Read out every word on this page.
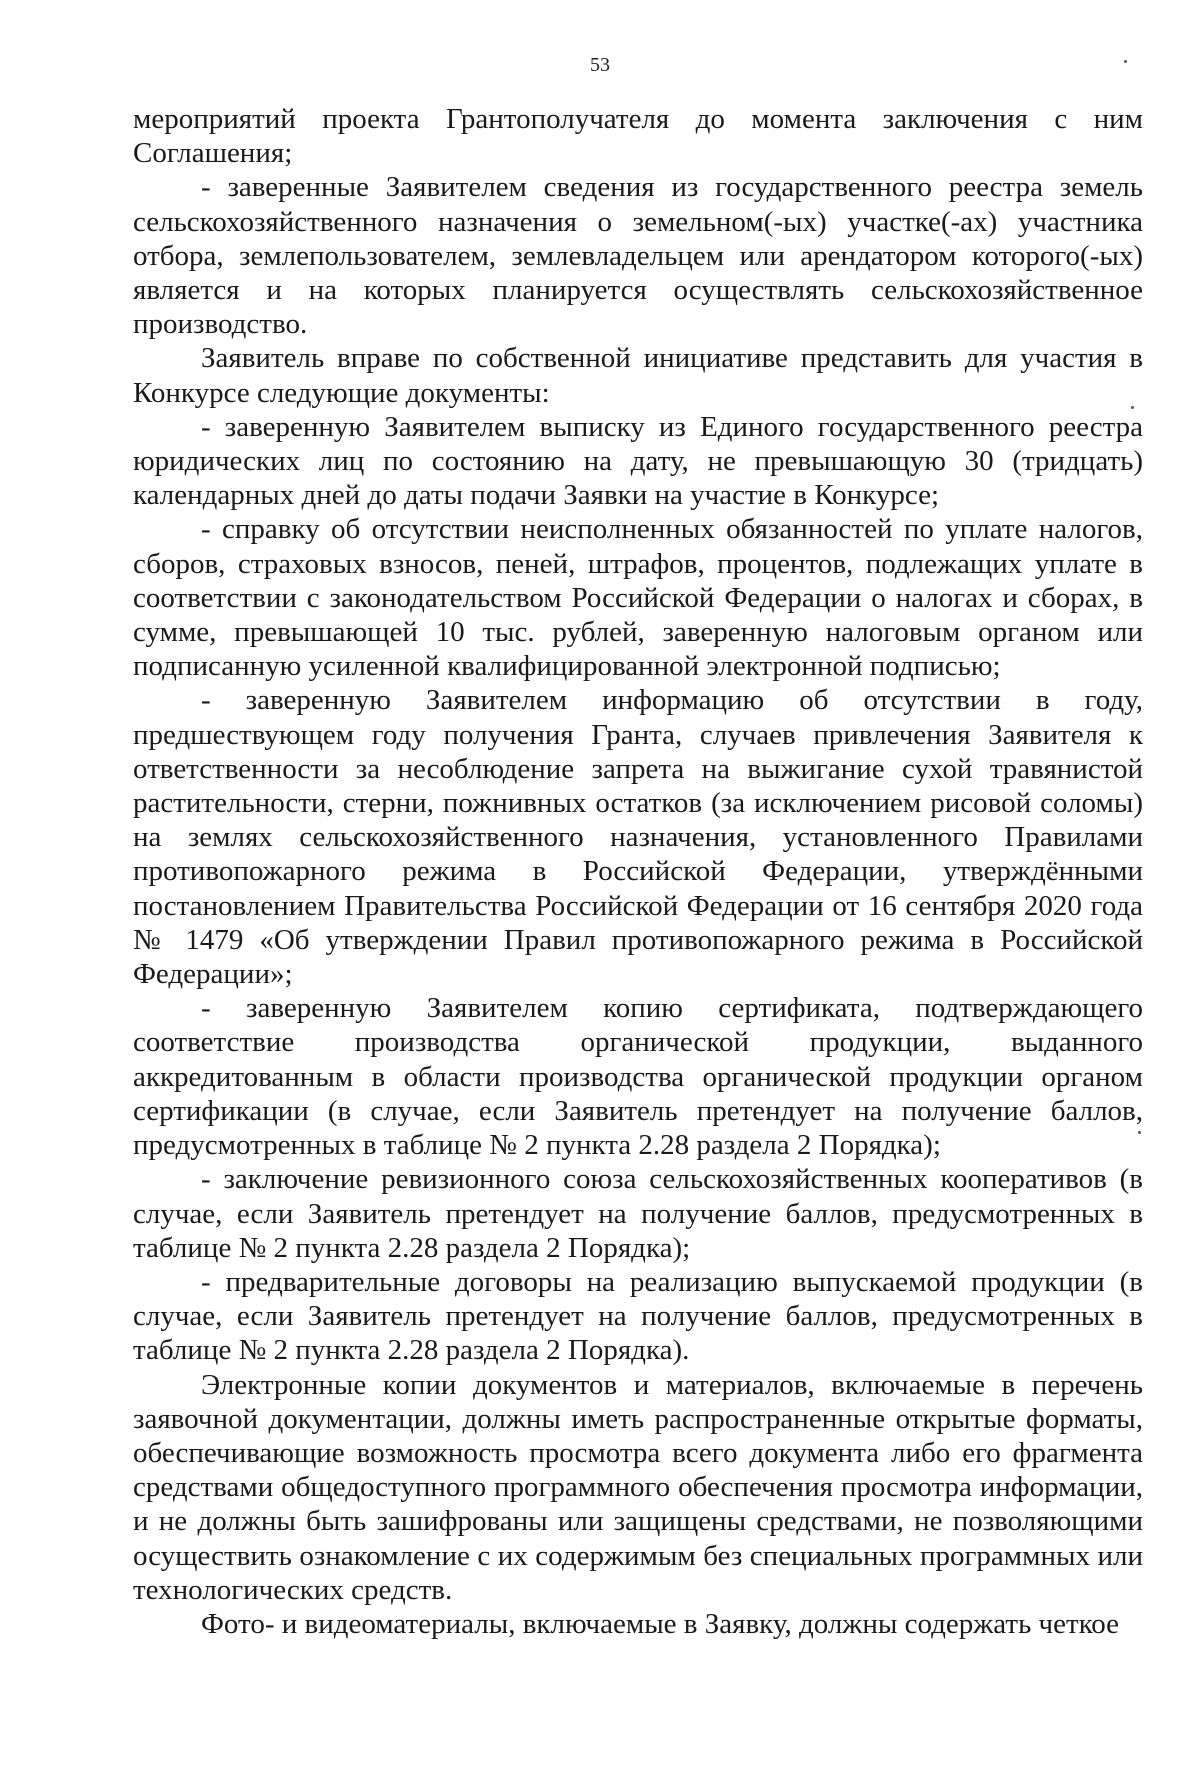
53

мероприятий проекта Грантополучателя до момента заключения с ним Соглашения;

- заверенные Заявителем сведения из государственного реестра земель сельскохозяйственного назначения о земельном(-ых) участке(-ах) участника отбора, землепользователем, землевладельцем или арендатором которого(-ых) является и на которых планируется осуществлять сельскохозяйственное производство.

Заявитель вправе по собственной инициативе представить для участия в Конкурсе следующие документы:

- заверенную Заявителем выписку из Единого государственного реестра юридических лиц по состоянию на дату, не превышающую 30 (тридцать) календарных дней до даты подачи Заявки на участие в Конкурсе;

- справку об отсутствии неисполненных обязанностей по уплате налогов, сборов, страховых взносов, пеней, штрафов, процентов, подлежащих уплате в соответствии с законодательством Российской Федерации о налогах и сборах, в сумме, превышающей 10 тыс. рублей, заверенную налоговым органом или подписанную усиленной квалифицированной электронной подписью;

- заверенную Заявителем информацию об отсутствии в году, предшествующем году получения Гранта, случаев привлечения Заявителя к ответственности за несоблюдение запрета на выжигание сухой травянистой растительности, стерни, пожнивных остатков (за исключением рисовой соломы) на землях сельскохозяйственного назначения, установленного Правилами противопожарного режима в Российской Федерации, утверждёнными постановлением Правительства Российской Федерации от 16 сентября 2020 года № 1479 «Об утверждении Правил противопожарного режима в Российской Федерации»;

- заверенную Заявителем копию сертификата, подтверждающего соответствие производства органической продукции, выданного аккредитованным в области производства органической продукции органом сертификации (в случае, если Заявитель претендует на получение баллов, предусмотренных в таблице № 2 пункта 2.28 раздела 2 Порядка);

- заключение ревизионного союза сельскохозяйственных кооперативов (в случае, если Заявитель претендует на получение баллов, предусмотренных в таблице № 2 пункта 2.28 раздела 2 Порядка);

- предварительные договоры на реализацию выпускаемой продукции (в случае, если Заявитель претендует на получение баллов, предусмотренных в таблице № 2 пункта 2.28 раздела 2 Порядка).

Электронные копии документов и материалов, включаемые в перечень заявочной документации, должны иметь распространенные открытые форматы, обеспечивающие возможность просмотра всего документа либо его фрагмента средствами общедоступного программного обеспечения просмотра информации, и не должны быть зашифрованы или защищены средствами, не позволяющими осуществить ознакомление с их содержимым без специальных программных или технологических средств.

Фото- и видеоматериалы, включаемые в Заявку, должны содержать четкое
